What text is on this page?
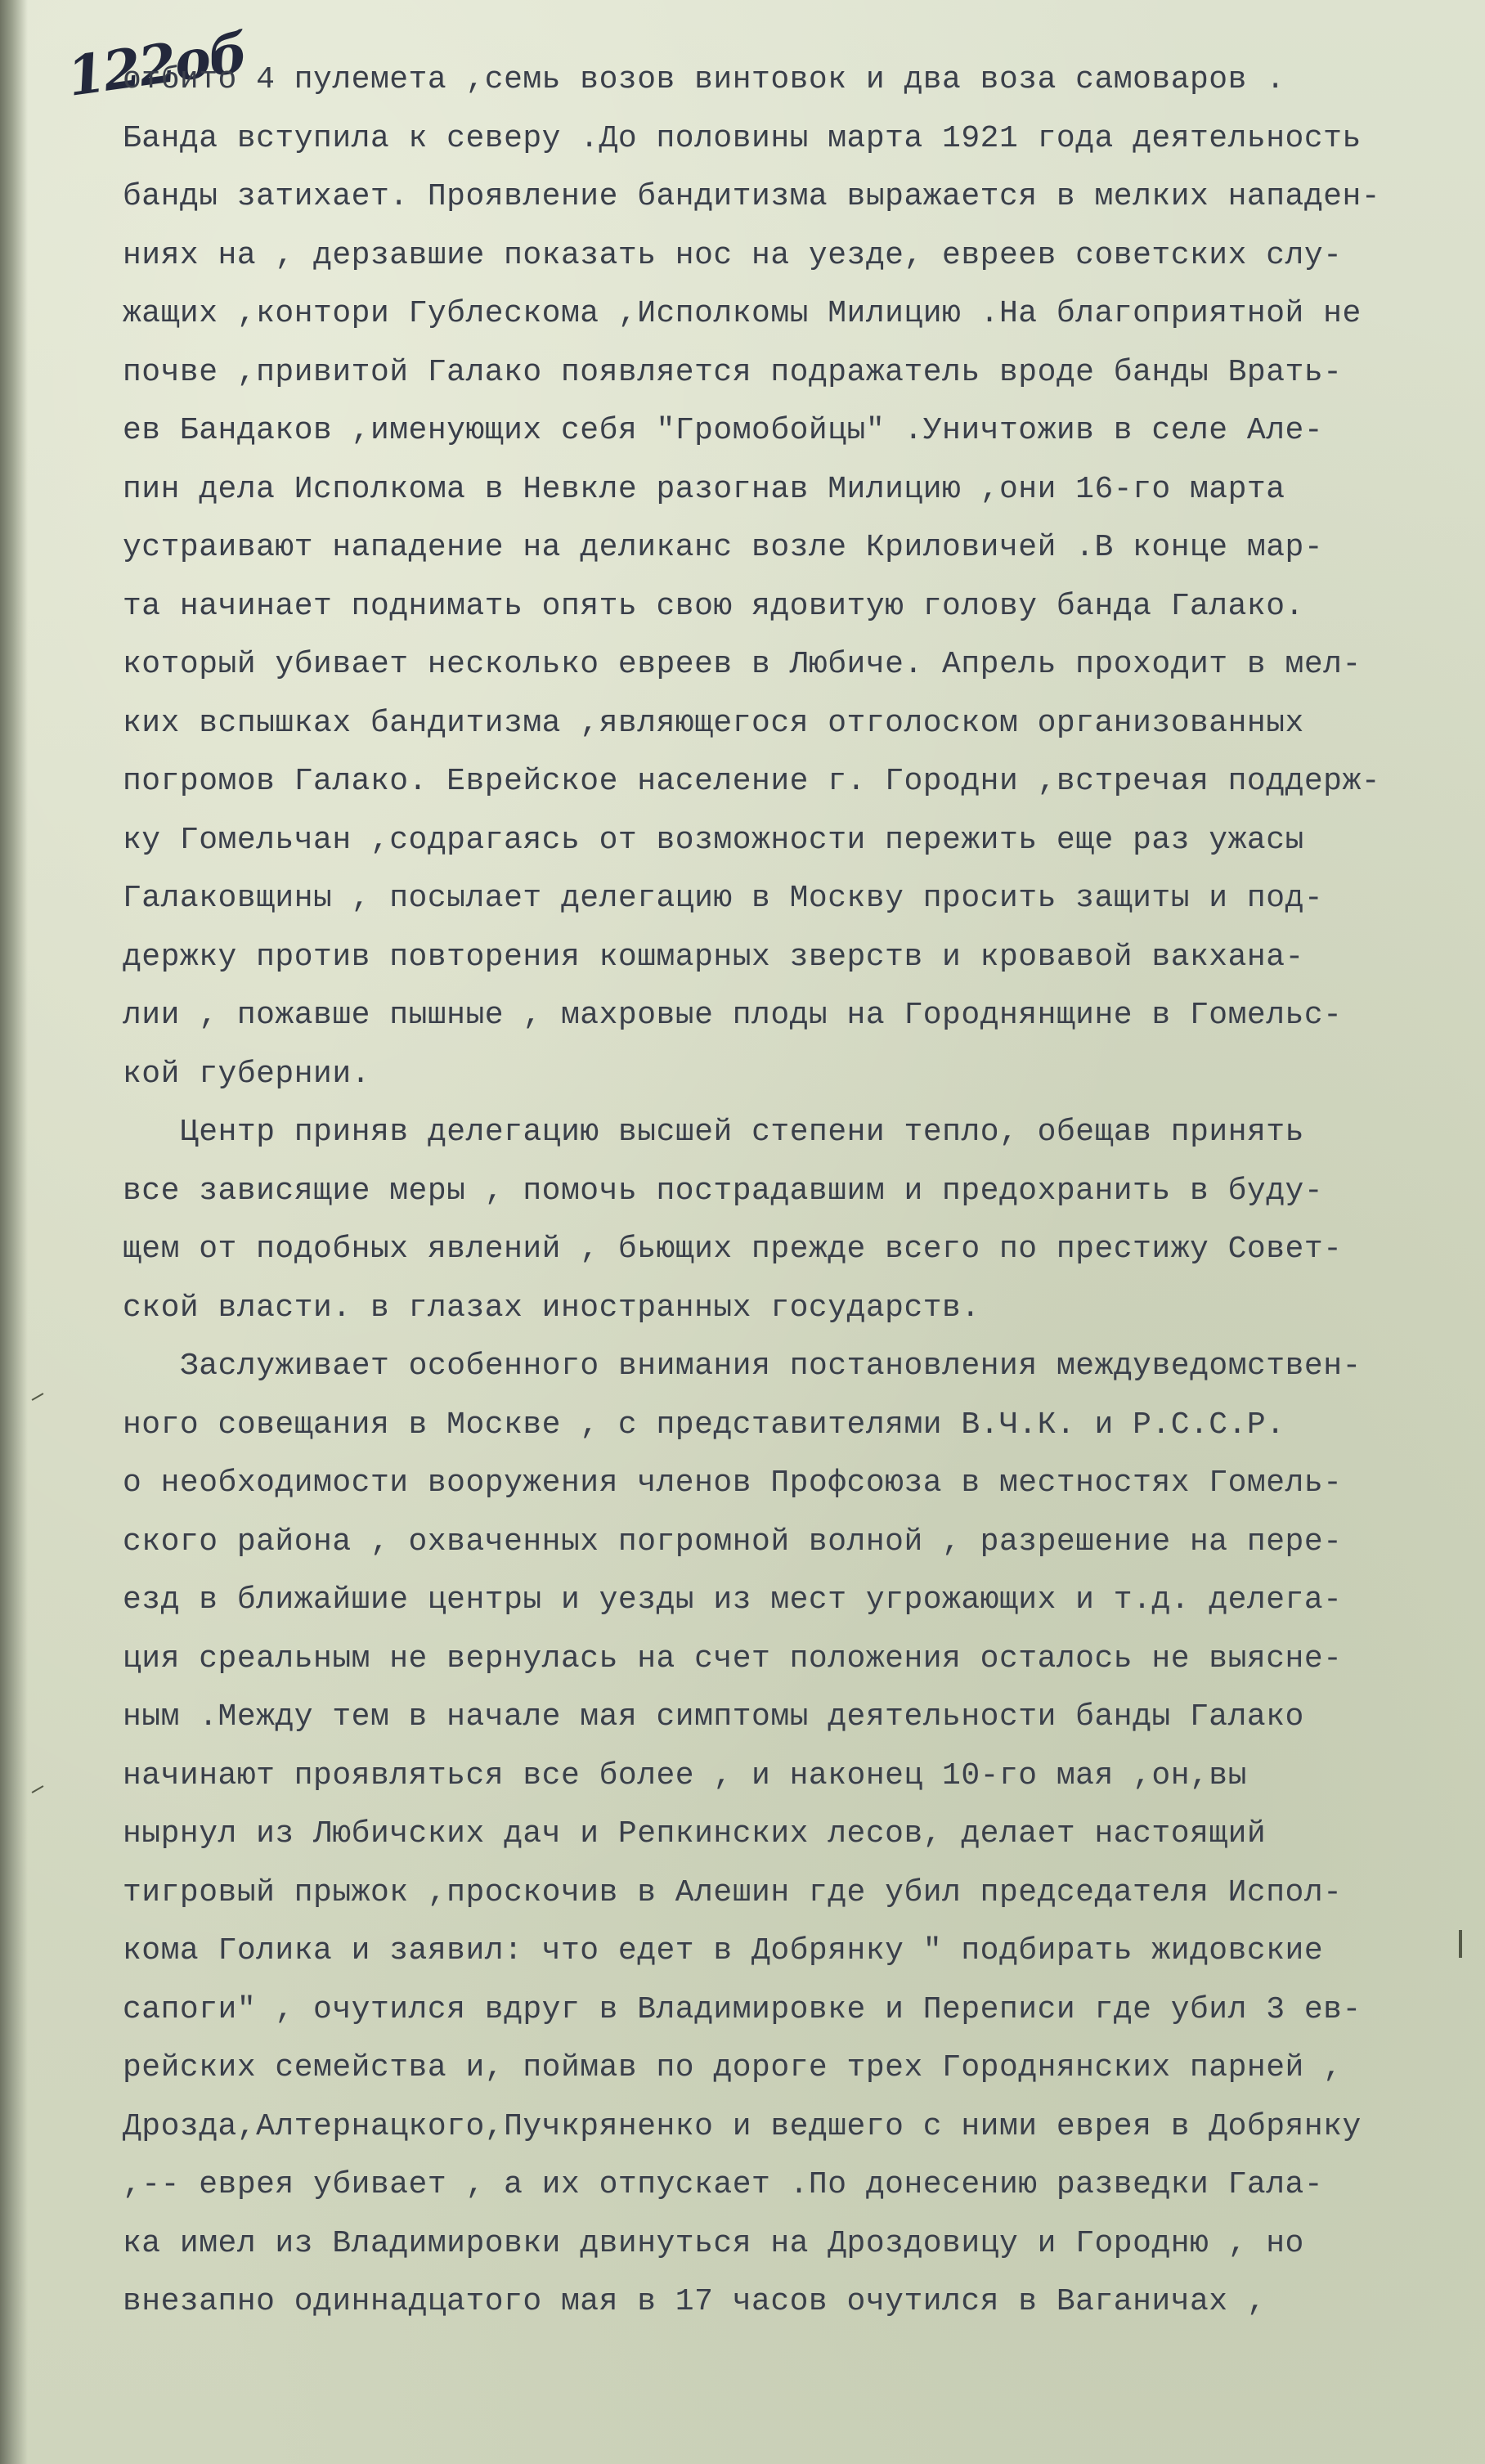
122об
отбито 4 пулемета ,семь возов винтовок и два воза самоваров .
Банда вступила к северу .До половины марта 1921 года деятельность
банды затихает. Проявление бандитизма выражается в мелких нападен-
ниях на , дерзавшие показать нос на уезде, евреев советских слу-
жащих ,контори Гублескома ,Исполкомы Милицию .На благоприятной не
почве ,привитой Галако появляется подражатель вроде банды Врать-
ев Бандаков ,именующих себя "Громобойцы" .Уничтожив в селе Але-
пин дела Исполкома в Невкле разогнав Милицию ,они 16-го марта
устраивают нападение на деликанс возле Криловичей .В конце мар-
та начинает поднимать опять свою ядовитую голову банда Галако.
который убивает несколько евреев в Любиче. Апрель проходит в мел-
ких вспышках бандитизма ,являющегося отголоском организованных
погромов Галако. Еврейское население г. Городни ,встречая поддерж-
ку Гомельчан ,содрагаясь от возможности пережить еще раз ужасы
Галаковщины , посылает делегацию в Москву просить защиты и под-
держку против повторения кошмарных зверств и кровавой вакхана-
лии , пожавше пышные , махровые плоды на Городнянщине в Гомельс-
кой губернии.
Центр приняв делегацию высшей степени тепло, обещав принять
все зависящие меры , помочь пострадавшим и предохранить в буду-
щем от подобных явлений , бьющих прежде всего по престижу Совет-
ской власти. в глазах иностранных государств.
Заслуживает особенного внимания постановления междуведомствен-
ного совещания в Москве , с представителями В.Ч.К. и Р.С.С.Р.
о необходимости вооружения членов Профсоюза в местностях Гомель-
ского района , охваченных погромной волной , разрешение на пере-
езд в ближайшие центры и уезды из мест угрожающих и т.д. делега-
ция среальным не вернулась на счет положения осталось не выясне-
ным .Между тем в начале мая симптомы деятельности банды Галако
начинают проявляться все более , и наконец 10-го мая ,он,вы
нырнул из Любичских дач и Репкинских лесов, делает настоящий
тигровый прыжок ,проскочив в Алешин где убил председателя Испол-
кома Голика и заявил: что едет в Добрянку " подбирать жидовские
сапоги" , очутился вдруг в Владимировке и Переписи где убил 3 ев-
рейских семейства и, поймав по дороге трех Городнянских парней ,
Дрозда,Алтернацкого,Пучкряненко и ведшего с ними еврея в Добрянку
,-- еврея убивает , а их отпускает .По донесению разведки Гала-
ка имел из Владимировки двинуться на Дроздовицу и Городню , но
внезапно одиннадцатого мая в 17 часов очутился в Ваганичах ,
